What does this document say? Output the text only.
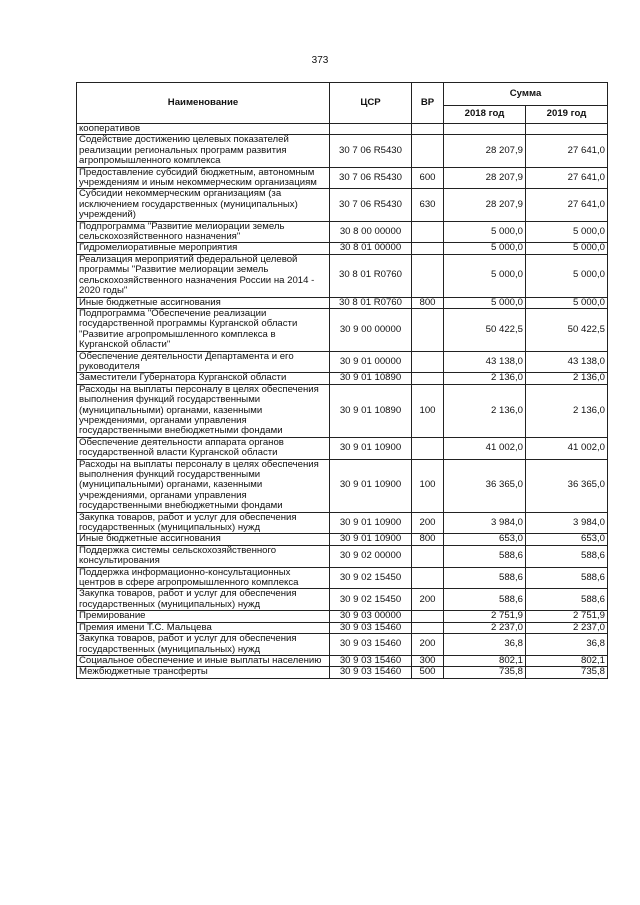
373
Наименование	ЦСР	ВР	Сумма	
			2018 год	2019 год
кооперативов				
Содействие достижению целевых показателей реализации региональных программ развития агропромышленного комплекса	30 7 06 R5430		28 207,9	27 641,0
Предоставление субсидий бюджетным, автономным учреждениям и иным некоммерческим организациям	30 7 06 R5430	600	28 207,9	27 641,0
Субсидии некоммерческим организациям (за исключением государственных (муниципальных) учреждений)	30 7 06 R5430	630	28 207,9	27 641,0
Подпрограмма "Развитие мелиорации земель сельскохозяйственного назначения"	30 8 00 00000		5 000,0	5 000,0
Гидромелиоративные мероприятия	30 8 01 00000		5 000,0	5 000,0
Реализация мероприятий федеральной целевой программы "Развитие мелиорации земель сельскохозяйственного назначения России на 2014 - 2020 годы"	30 8 01 R0760		5 000,0	5 000,0
Иные бюджетные ассигнования	30 8 01 R0760	800	5 000,0	5 000,0
Подпрограмма "Обеспечение реализации государственной программы Курганской области "Развитие агропромышленного комплекса в Курганской области"	30 9 00 00000		50 422,5	50 422,5
Обеспечение деятельности Департамента и его руководителя	30 9 01 00000		43 138,0	43 138,0
Заместители Губернатора Курганской области	30 9 01 10890		2 136,0	2 136,0
Расходы на выплаты персоналу в целях обеспечения выполнения функций государственными (муниципальными) органами, казенными учреждениями, органами управления государственными внебюджетными фондами	30 9 01 10890	100	2 136,0	2 136,0
Обеспечение деятельности аппарата органов государственной власти Курганской области	30 9 01 10900		41 002,0	41 002,0
Расходы на выплаты персоналу в целях обеспечения выполнения функций государственными (муниципальными) органами, казенными учреждениями, органами управления государственными внебюджетными фондами	30 9 01 10900	100	36 365,0	36 365,0
Закупка товаров, работ и услуг для обеспечения государственных (муниципальных) нужд	30 9 01 10900	200	3 984,0	3 984,0
Иные бюджетные ассигнования	30 9 01 10900	800	653,0	653,0
Поддержка системы сельскохозяйственного консультирования	30 9 02 00000		588,6	588,6
Поддержка информационно-консультационных центров в сфере агропромышленного комплекса	30 9 02 15450		588,6	588,6
Закупка товаров, работ и услуг для обеспечения государственных (муниципальных) нужд	30 9 02 15450	200	588,6	588,6
Премирование	30 9 03 00000		2 751,9	2 751,9
Премия имени Т.С. Мальцева	30 9 03 15460		2 237,0	2 237,0
Закупка товаров, работ и услуг для обеспечения государственных (муниципальных) нужд	30 9 03 15460	200	36,8	36,8
Социальное обеспечение и иные выплаты населению	30 9 03 15460	300	802,1	802,1
Межбюджетные трансферты	30 9 03 15460	500	735,8	735,8
